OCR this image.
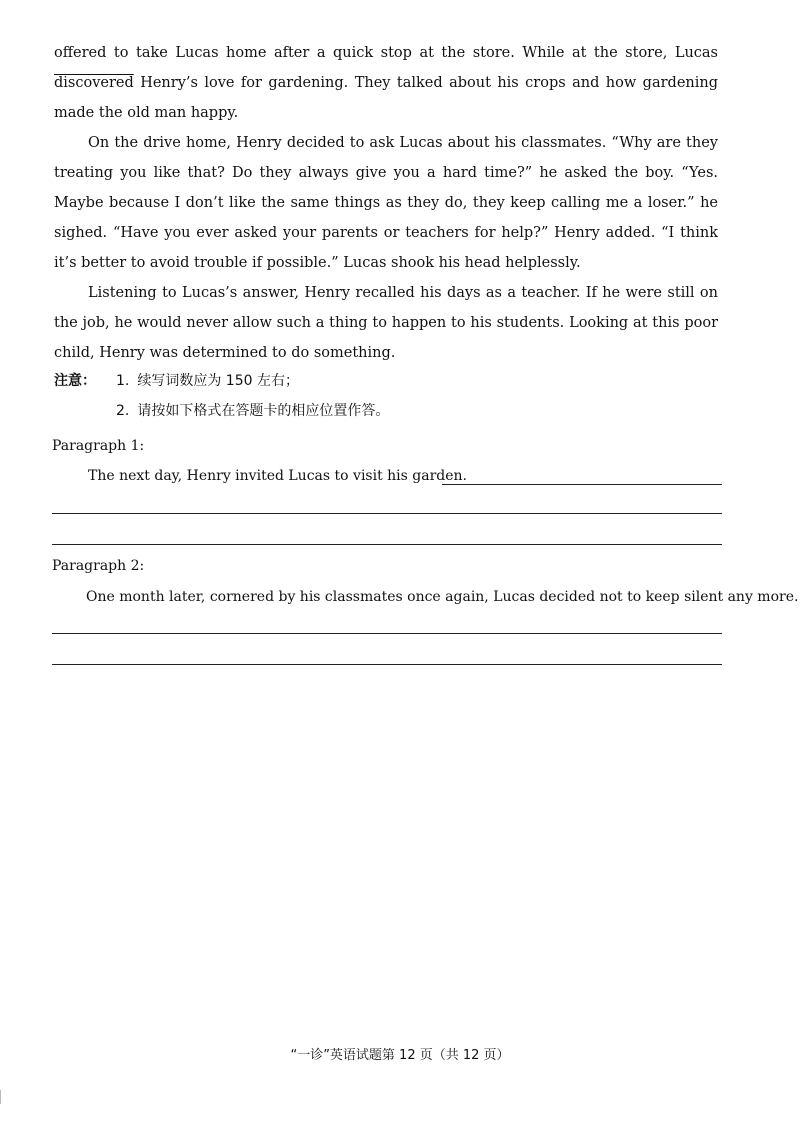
offered to take Lucas home after a quick stop at the store. While at the store, Lucas discovered Henry’s love for gardening. They talked about his crops and how gardening made the old man happy.

On the drive home, Henry decided to ask Lucas about his classmates. “Why are they treating you like that? Do they always give you a hard time?” he asked the boy. “Yes. Maybe because I don’t like the same things as they do, they keep calling me a loser.” he sighed. “Have you ever asked your parents or teachers for help?” Henry added. “I think it’s better to avoid trouble if possible.” Lucas shook his head helplessly.

Listening to Lucas’s answer, Henry recalled his days as a teacher. If he were still on the job, he would never allow such a thing to happen to his students. Looking at this poor child, Henry was determined to do something.

注意：	1. 续写词数应为 150 左右；
2. 请按如下格式在答题卡的相应位置作答。
Paragraph 1:
The next day, Henry invited Lucas to visit his garden.
Paragraph 2:
One month later, cornered by his classmates once again, Lucas decided not to keep silent any more.
“一诊”英语试题第 12 页（共 12 页）
